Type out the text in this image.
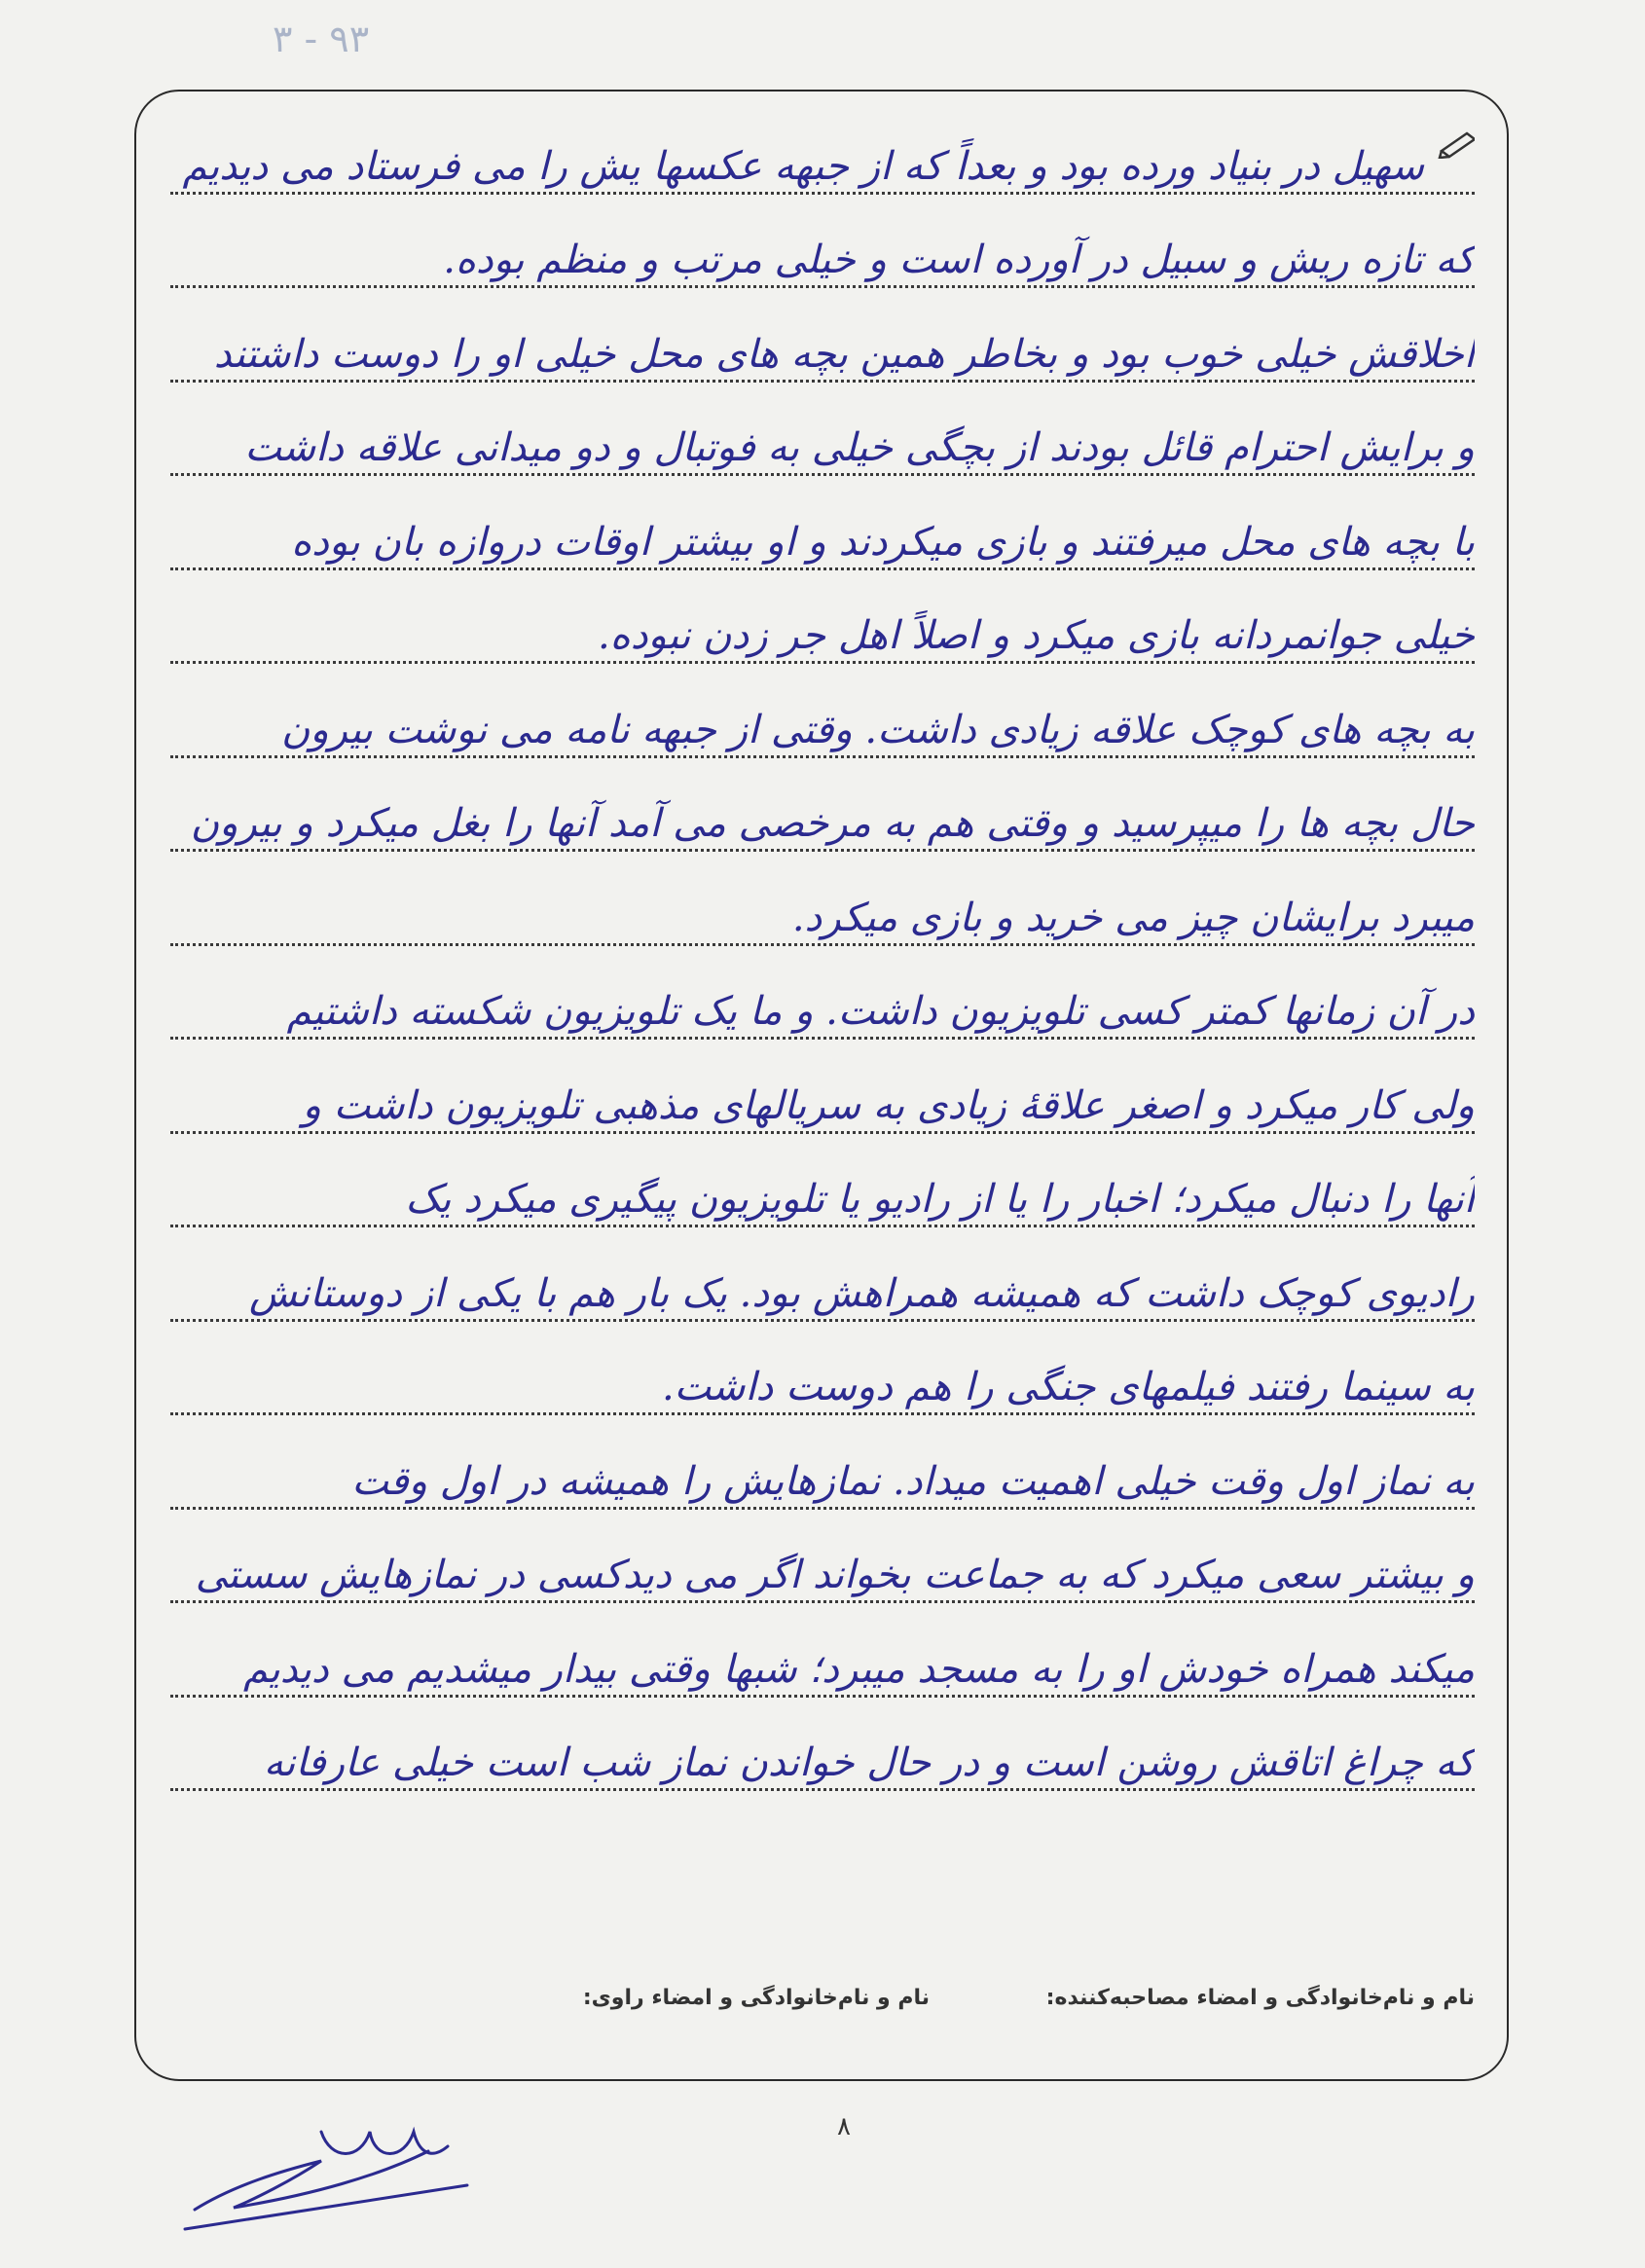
٩٣ - ٣
سهیل در بنیاد ورده بود و بعداً که از جبهه عکسها یش را می فرستاد می دیدیم
که تازه ریش و سبیل در آورده است و خیلی مرتب و منظم بوده.
اخلاقش خیلی خوب بود و بخاطر همین بچه های محل خیلی او را دوست داشتند
و برایش احترام قائل بودند از بچگی خیلی به فوتبال و دو میدانی علاقه داشت
با بچه های محل میرفتند و بازی میکردند و او بیشتر اوقات دروازه بان بوده
خیلی جوانمردانه بازی میکرد و اصلاً اهل جر زدن نبوده.
به بچه های کوچک علاقه زیادی داشت. وقتی از جبهه نامه می نوشت بیرون
حال بچه ها را میپرسید و وقتی هم به مرخصی می آمد آنها را بغل میکرد و بیرون
میبرد برایشان چیز می خرید و بازی میکرد.
در آن زمانها کمتر کسی تلویزیون داشت. و ما یک تلویزیون شکسته داشتیم
ولی کار میکرد و اصغر علاقهٔ زیادی به سریالهای مذهبی تلویزیون داشت و
آنها را دنبال میکرد؛ اخبار را یا از رادیو یا تلویزیون پیگیری میکرد یک
رادیوی کوچک داشت که همیشه همراهش بود. یک بار هم با یکی از دوستانش
به سینما رفتند فیلمهای جنگی را هم دوست داشت.
به نماز اول وقت خیلی اهمیت میداد. نمازهایش را همیشه در اول وقت
و بیشتر سعی میکرد که به جماعت بخواند اگر می دیدکسی در نمازهایش سستی
میکند همراه خودش او را به مسجد میبرد؛ شبها وقتی بیدار میشدیم می دیدیم
که چراغ اتاقش روشن است و در حال خواندن نماز شب است خیلی عارفانه
نام و نام‌خانوادگی و امضاء مصاحبه‌کننده:
نام و نام‌خانوادگی و امضاء راوی:
٨
